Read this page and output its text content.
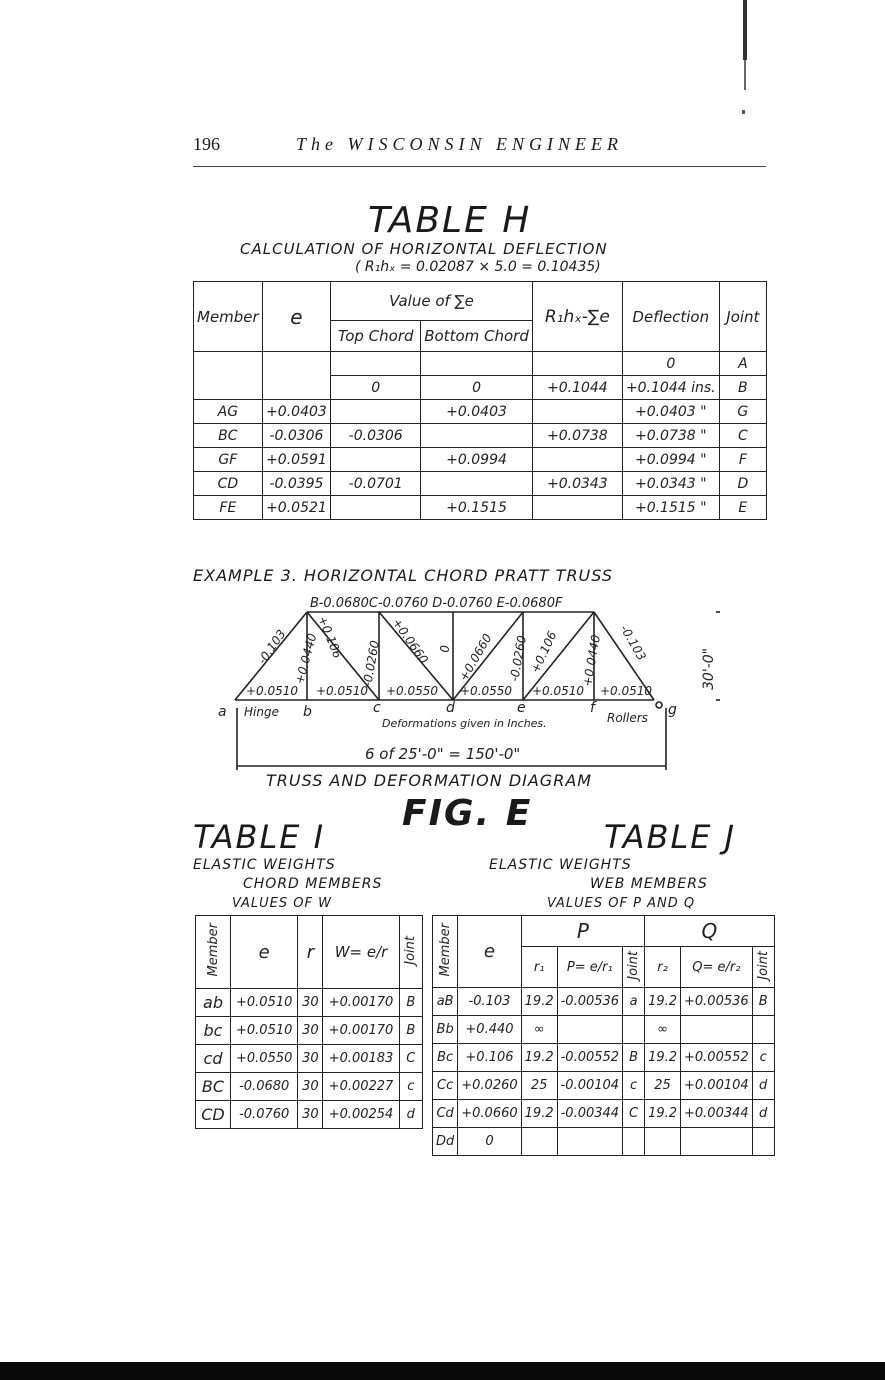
196	The WISCONSIN ENGINEER
TABLE H
CALCULATION OF HORIZONTAL DEFLECTION
( R₁hₓ = 0.02087 × 5.0 = 0.10435)
Member	e	Value of ∑e		R₁hₓ-∑e	Deflection	Joint
		Top Chord	Bottom Chord			
					0	A
		0	0	+0.1044	+0.1044 ins.	B
AG	+0.0403		+0.0403		+0.0403 "	G
BC	-0.0306	-0.0306		+0.0738	+0.0738 "	C
GF	+0.0591		+0.0994		+0.0994 "	F
CD	-0.0395	-0.0701		+0.0343	+0.0343 "	D
FE	+0.0521		+0.1515		+0.1515 "	E
EXAMPLE 3. HORIZONTAL CHORD PRATT TRUSS
B-0.0680C-0.0760 D-0.0760 E-0.0680F
-0.103 +0.0440
+0.106
-0.0260 +0.0660 0 +0.0660 -0.0260 +0.106 +0.0440 -0.103
+0.0510 +0.0510 +0.0550 +0.0550 +0.0510 +0.0510
a Hinge b	c	d	e	f	g
Rollers
Deformations given in Inches.
30'-0"
6 of 25'-0" = 150'-0"
TRUSS AND DEFORMATION DIAGRAM
FIG. E
TABLE I
ELASTIC WEIGHTS
CHORD MEMBERS
VALUES OF W
TABLE J
ELASTIC WEIGHTS
WEB MEMBERS
VALUES OF P AND Q
Member	e	r	W= e/r	Joint
ab	+0.0510	30	+0.00170	B
bc	+0.0510	30	+0.00170	B
cd	+0.0550	30	+0.00183	C
BC	-0.0680	30	+0.00227	c
CD	-0.0760	30	+0.00254	d
Member	e	P			Q		
		r₁	P= e/r₁	Joint	r₂	Q= e/r₂	Joint
aB	-0.103	19.2	-0.00536	a	19.2	+0.00536	B
Bb	+0.440	∞			∞		
Bc	+0.106	19.2	-0.00552	B	19.2	+0.00552	c
Cc	+0.0260	25	-0.00104	c	25	+0.00104	d
Cd	+0.0660	19.2	-0.00344	C	19.2	+0.00344	d
Dd	0						
